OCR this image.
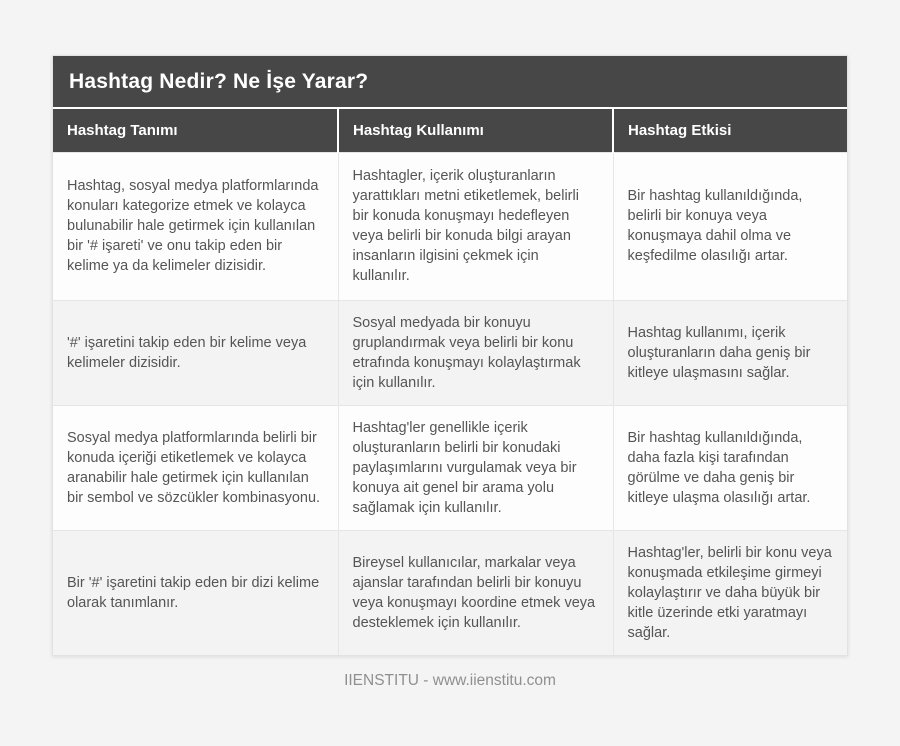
Hashtag Nedir? Ne İşe Yarar?
Hashtag Tanımı	Hashtag Kullanımı	Hashtag Etkisi
Hashtag, sosyal medya platformlarında konuları kategorize etmek ve kolayca bulunabilir hale getirmek için kullanılan bir '# işareti' ve onu takip eden bir kelime ya da kelimeler dizisidir.	Hashtagler, içerik oluşturanların yarattıkları metni etiketlemek, belirli bir konuda konuşmayı hedefleyen veya belirli bir konuda bilgi arayan insanların ilgisini çekmek için kullanılır.	Bir hashtag kullanıldığında, belirli bir konuya veya konuşmaya dahil olma ve keşfedilme olasılığı artar.
'#' işaretini takip eden bir kelime veya kelimeler dizisidir.	Sosyal medyada bir konuyu gruplandırmak veya belirli bir konu etrafında konuşmayı kolaylaştırmak için kullanılır.	Hashtag kullanımı, içerik oluşturanların daha geniş bir kitleye ulaşmasını sağlar.
Sosyal medya platformlarında belirli bir konuda içeriği etiketlemek ve kolayca aranabilir hale getirmek için kullanılan bir sembol ve sözcükler kombinasyonu.	Hashtag'ler genellikle içerik oluşturanların belirli bir konudaki paylaşımlarını vurgulamak veya bir konuya ait genel bir arama yolu sağlamak için kullanılır.	Bir hashtag kullanıldığında, daha fazla kişi tarafından görülme ve daha geniş bir kitleye ulaşma olasılığı artar.
Bir '#' işaretini takip eden bir dizi kelime olarak tanımlanır.	Bireysel kullanıcılar, markalar veya ajanslar tarafından belirli bir konuyu veya konuşmayı koordine etmek veya desteklemek için kullanılır.	Hashtag'ler, belirli bir konu veya konuşmada etkileşime girmeyi kolaylaştırır ve daha büyük bir kitle üzerinde etki yaratmayı sağlar.
IIENSTITU - www.iienstitu.com
